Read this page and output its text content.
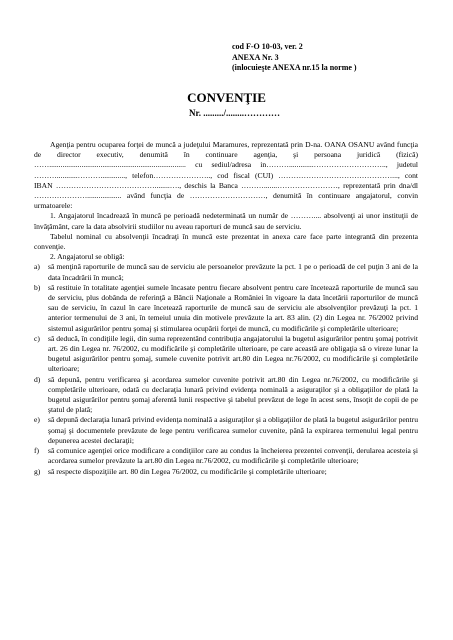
cod F-O 10-03, ver. 2
ANEXA Nr. 3
(inlocuieşte ANEXA nr.15 la norme )
CONVENŢIE
Nr. ........./........…………

Agenţia pentru ocuparea forţei de muncă a judeţului Maramures, reprezentată prin D-na. OANA OSANU având funcţia de director executiv, denumită în continuare agenţia, şi persoana juridică (fizică) ……........................................................................ cu sediul/adresa in……….............……………………….., judetul ………...........………............., telefon………………….., cod fiscal (CUI) ………………………………………..., cont IBAN …………………………………........…., deschis la Banca ……….......……………………, reprezentată prin dna/dl ………………….................. având funcţia de …………………………, denumită în continuare angajatorul, convin urmatoarele:

1. Angajatorul încadrează în muncă pe perioadă nedeterminată un număr de ……….... absolvenţi ai unor instituţii de învăţământ, care la data absolvirii studiilor nu aveau raporturi de muncă sau de serviciu.

Tabelul nominal cu absolvenţii încadraţi în muncă este prezentat in anexa care face parte integrantă din prezenta convenţie.

2. Angajatorul se obligă:

a) să menţină raporturile de muncă sau de serviciu ale persoanelor prevăzute la pct. 1 pe o perioadă de cel puţin 3 ani de la data încadrării în muncă;

b) să restituie în totalitate agenţiei sumele încasate pentru fiecare absolvent pentru care încetează raporturile de muncă sau de serviciu, plus dobânda de referinţă a Băncii Naţionale a României în vigoare la data încetării raporturilor de muncă sau de serviciu, în cazul în care încetează raporturile de muncă sau de serviciu ale absolvenţilor prevăzuţi la pct. 1 anterior termenului de 3 ani, în temeiul unuia din motivele prevăzute la art. 83 alin. (2) din Legea nr. 76/2002 privind sistemul asigurărilor pentru şomaj şi stimularea ocupării forţei de muncă, cu modificările şi completările ulterioare;

c) să deducă, în condiţiile legii, din suma reprezentând contribuţia angajatorului la bugetul asigurărilor pentru şomaj potrivit art. 26 din Legea nr. 76/2002, cu modificările şi completările ulterioare, pe care această are obligaţia să o vireze lunar la bugetul asigurărilor pentru şomaj, sumele cuvenite potrivit art.80 din Legea nr.76/2002, cu modificările şi completările ulterioare;

d) să depună, pentru verificarea şi acordarea sumelor cuvenite potrivit art.80 din Legea nr.76/2002, cu modificările şi completările ulterioare, odată cu declaraţia lunară privind evidenţa nominală a asiguraţilor şi a obligaţiilor de plată la bugetul asigurărilor pentru şomaj aferentă lunii respective şi tabelul prevăzut de lege în acest sens, însoţit de copii de pe ştatul de plată;

e) să depună declaraţia lunară privind evidenţa nominală a asiguraţilor şi a obligaţiilor de plată la bugetul asigurărilor pentru şomaj şi documentele prevăzute de lege pentru verificarea sumelor cuvenite, până la expirarea termenului legal pentru depunerea acestei declaraţii;

f) să comunice agenţiei orice modificare a condiţiilor care au condus la încheierea prezentei convenţii, derularea acesteia şi acordarea sumelor prevăzute la art.80 din Legea nr.76/2002, cu modificările şi completările ulterioare;

g) să respecte dispoziţiile art. 80 din Legea 76/2002, cu modificările şi completările ulterioare;
